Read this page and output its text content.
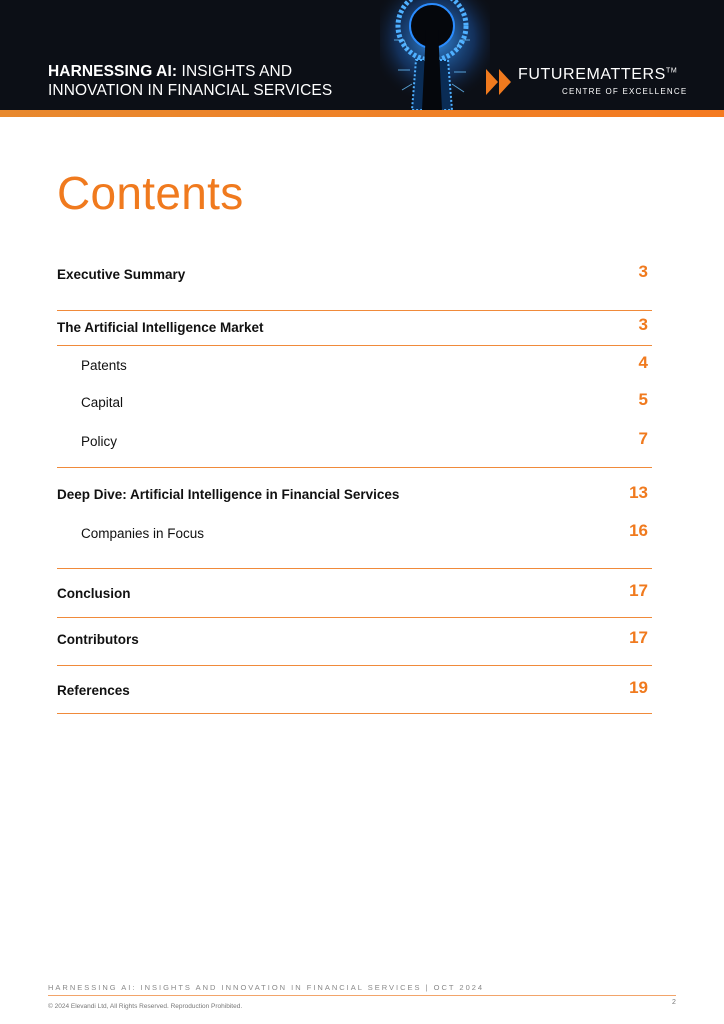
HARNESSING AI: INSIGHTS AND
INNOVATION IN FINANCIAL SERVICES
FUTUREMATTERS™
CENTRE OF EXCELLENCE
Contents
Executive Summary	3
The Artificial Intelligence Market	3
Patents	4
Capital	5
Policy	7
Deep Dive: Artificial Intelligence in Financial Services	13
Companies in Focus	16
Conclusion	17
Contributors	17
References	19
HARNESSING AI: INSIGHTS AND INNOVATION IN FINANCIAL SERVICES | OCT 2024
© 2024 Elevandi Ltd, All Rights Reserved. Reproduction Prohibited.
2
